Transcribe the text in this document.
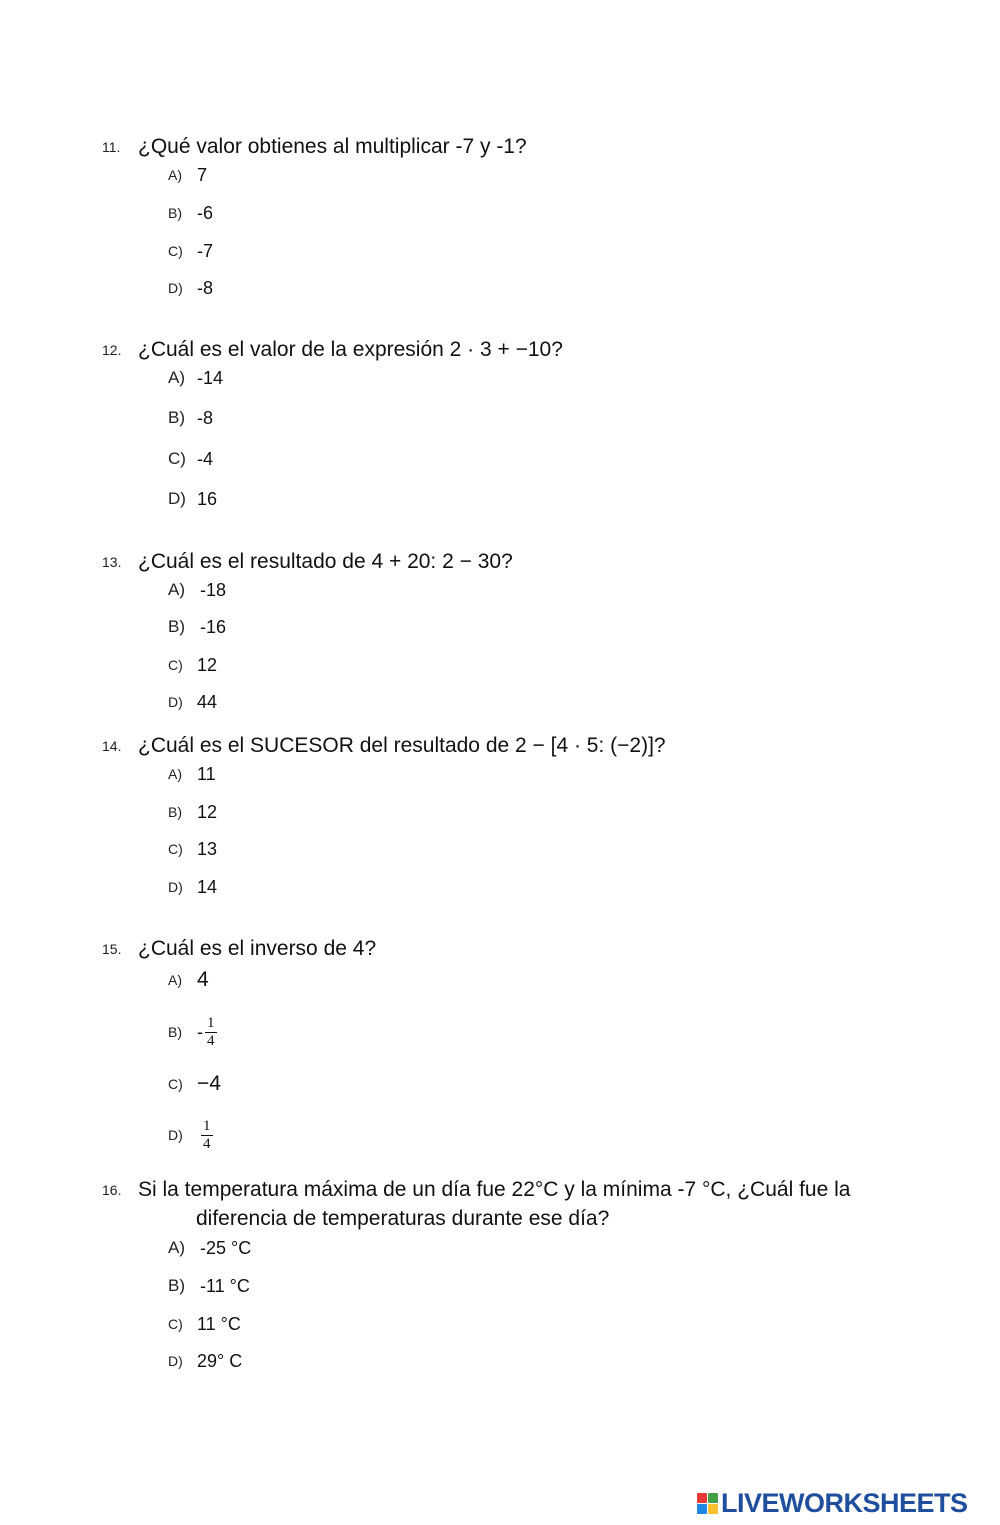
11. ¿Qué valor obtienes al multiplicar -7 y -1?
A) 7
B) -6
C) -7
D) -8
12. ¿Cuál es el valor de la expresión 2 · 3 + −10?
A) -14
B) -8
C) -4
D) 16
13. ¿Cuál es el resultado de 4 + 20: 2 − 30?
A) -18
B) -16
C) 12
D) 44
14. ¿Cuál es el SUCESOR del resultado de 2 − [4 · 5: (−2)]?
A) 11
B) 12
C) 13
D) 14
15. ¿Cuál es el inverso de 4?
A) 4
$B) - \frac{1}{4}$
C) −4
D)	$\frac{1}{4}$
16. Si la temperatura máxima de un día fue 22°C y la mínima -7 °C, ¿Cuál fue la
diferencia de temperaturas durante ese día?
A) -25 °C
B) -11 °C
C) 11 °C
D) 29° C
LIVEWORKSHEETS
